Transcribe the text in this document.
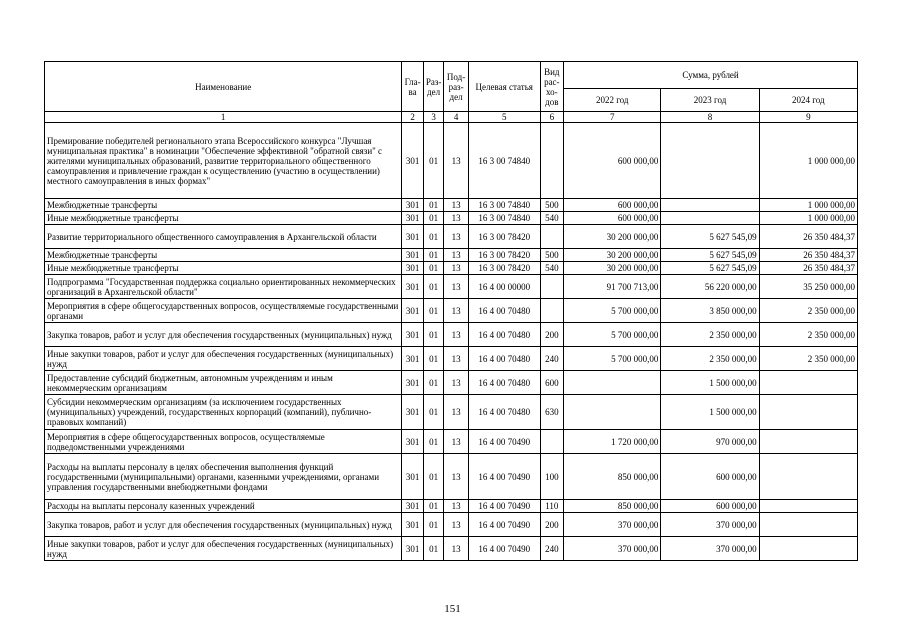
Наименование	Гла-ва	Раз-дел	Под-раз-дел	Целевая статья	Вид рас-хо-дов	Сумма, рублей		
						2022 год	2023 год	2024 год
1	2	3	4	5	6	7	8	9
Премирование победителей регионального этапа Всероссийского конкурса "Лучшая муниципальная практика" в номинации "Обеспечение эффективной "обратной связи" с жителями муниципальных образований, развитие территориального общественного самоуправления и привлечение граждан к осуществлению (участию в осуществлении) местного самоуправления в иных формах"	301	01	13	16 3 00 74840		600 000,00		1 000 000,00
Межбюджетные трансферты	301	01	13	16 3 00 74840	500	600 000,00		1 000 000,00
Иные межбюджетные трансферты	301	01	13	16 3 00 74840	540	600 000,00		1 000 000,00
Развитие территориального общественного самоуправления в Архангельской области	301	01	13	16 3 00 78420		30 200 000,00	5 627 545,09	26 350 484,37
Межбюджетные трансферты	301	01	13	16 3 00 78420	500	30 200 000,00	5 627 545,09	26 350 484,37
Иные межбюджетные трансферты	301	01	13	16 3 00 78420	540	30 200 000,00	5 627 545,09	26 350 484,37
Подпрограмма "Государственная поддержка социально ориентированных некоммерческих организаций в Архангельской области"	301	01	13	16 4 00 00000		91 700 713,00	56 220 000,00	35 250 000,00
Мероприятия в сфере общегосударственных вопросов, осуществляемые государственными органами	301	01	13	16 4 00 70480		5 700 000,00	3 850 000,00	2 350 000,00
Закупка товаров, работ и услуг для обеспечения государственных (муниципальных) нужд	301	01	13	16 4 00 70480	200	5 700 000,00	2 350 000,00	2 350 000,00
Иные закупки товаров, работ и услуг для обеспечения государственных (муниципальных) нужд	301	01	13	16 4 00 70480	240	5 700 000,00	2 350 000,00	2 350 000,00
Предоставление субсидий бюджетным, автономным учреждениям и иным некоммерческим организациям	301	01	13	16 4 00 70480	600		1 500 000,00	
Субсидии некоммерческим организациям (за исключением государственных (муниципальных) учреждений, государственных корпораций (компаний), публично-правовых компаний)	301	01	13	16 4 00 70480	630		1 500 000,00	
Мероприятия в сфере общегосударственных вопросов, осуществляемые подведомственными учреждениями	301	01	13	16 4 00 70490		1 720 000,00	970 000,00	
Расходы на выплаты персоналу в целях обеспечения выполнения функций государственными (муниципальными) органами, казенными учреждениями, органами управления государственными внебюджетными фондами	301	01	13	16 4 00 70490	100	850 000,00	600 000,00	
Расходы на выплаты персоналу казенных учреждений	301	01	13	16 4 00 70490	110	850 000,00	600 000,00	
Закупка товаров, работ и услуг для обеспечения государственных (муниципальных) нужд	301	01	13	16 4 00 70490	200	370 000,00	370 000,00	
Иные закупки товаров, работ и услуг для обеспечения государственных (муниципальных) нужд	301	01	13	16 4 00 70490	240	370 000,00	370 000,00	
151
